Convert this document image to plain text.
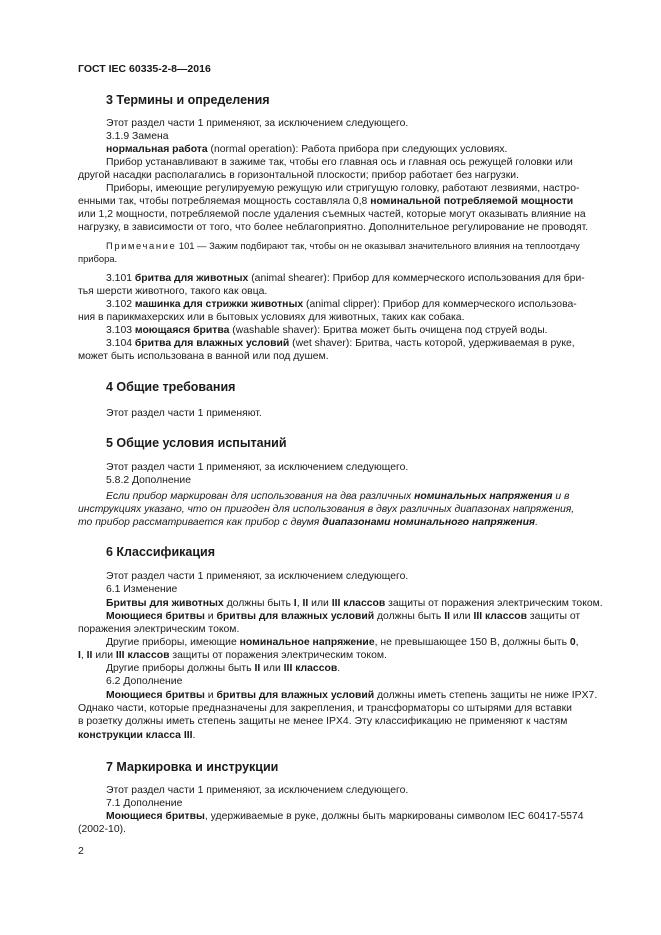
ГОСТ IEC 60335-2-8—2016
3 Термины и определения
Этот раздел части 1 применяют, за исключением следующего.
3.1.9 Замена
нормальная работа (normal operation): Работа прибора при следующих условиях.
Прибор устанавливают в зажиме так, чтобы его главная ось и главная ось режущей головки или
другой насадки располагались в горизонтальной плоскости; прибор работает без нагрузки.
Приборы, имеющие регулируемую режущую или стригущую головку, работают лезвиями, настро-
енными так, чтобы потребляемая мощность составляла 0,8 номинальной потребляемой мощности
или 1,2 мощности, потребляемой после удаления съемных частей, которые могут оказывать влияние на
нагрузку, в зависимости от того, что более неблагоприятно. Дополнительное регулирование не проводят.
Примечание 101 — Зажим подбирают так, чтобы он не оказывал значительного влияния на теплоотдачу
прибора.
3.101 бритва для животных (animal shearer): Прибор для коммерческого использования для бри-
тья шерсти животного, такого как овца.
3.102 машинка для стрижки животных (animal clipper): Прибор для коммерческого использова-
ния в парикмахерских или в бытовых условиях для животных, таких как собака.
3.103 моющаяся бритва (washable shaver): Бритва может быть очищена под струей воды.
3.104 бритва для влажных условий (wet shaver): Бритва, часть которой, удерживаемая в руке,
может быть использована в ванной или под душем.
4 Общие требования
Этот раздел части 1 применяют.
5 Общие условия испытаний
Этот раздел части 1 применяют, за исключением следующего.
5.8.2 Дополнение
Если прибор маркирован для использования на два различных номинальных напряжения и в
инструкциях указано, что он пригоден для использования в двух различных диапазонах напряжения,
то прибор рассматривается как прибор с двумя диапазонами номинального напряжения.
6 Классификация
Этот раздел части 1 применяют, за исключением следующего.
6.1 Изменение
Бритвы для животных должны быть I, II или III классов защиты от поражения электрическим током.
Моющиеся бритвы и бритвы для влажных условий должны быть II или III классов защиты от
поражения электрическим током.
Другие приборы, имеющие номинальное напряжение, не превышающее 150 В, должны быть 0,
I, II или III классов защиты от поражения электрическим током.
Другие приборы должны быть II или III классов.
6.2 Дополнение
Моющиеся бритвы и бритвы для влажных условий должны иметь степень защиты не ниже IPX7.
Однако части, которые предназначены для закрепления, и трансформаторы со штырями для вставки
в розетку должны иметь степень защиты не менее IPX4. Эту классификацию не применяют к частям
конструкции класса III.
7 Маркировка и инструкции
Этот раздел части 1 применяют, за исключением следующего.
7.1 Дополнение
Моющиеся бритвы, удерживаемые в руке, должны быть маркированы символом IEC 60417-5574
(2002-10).
2
